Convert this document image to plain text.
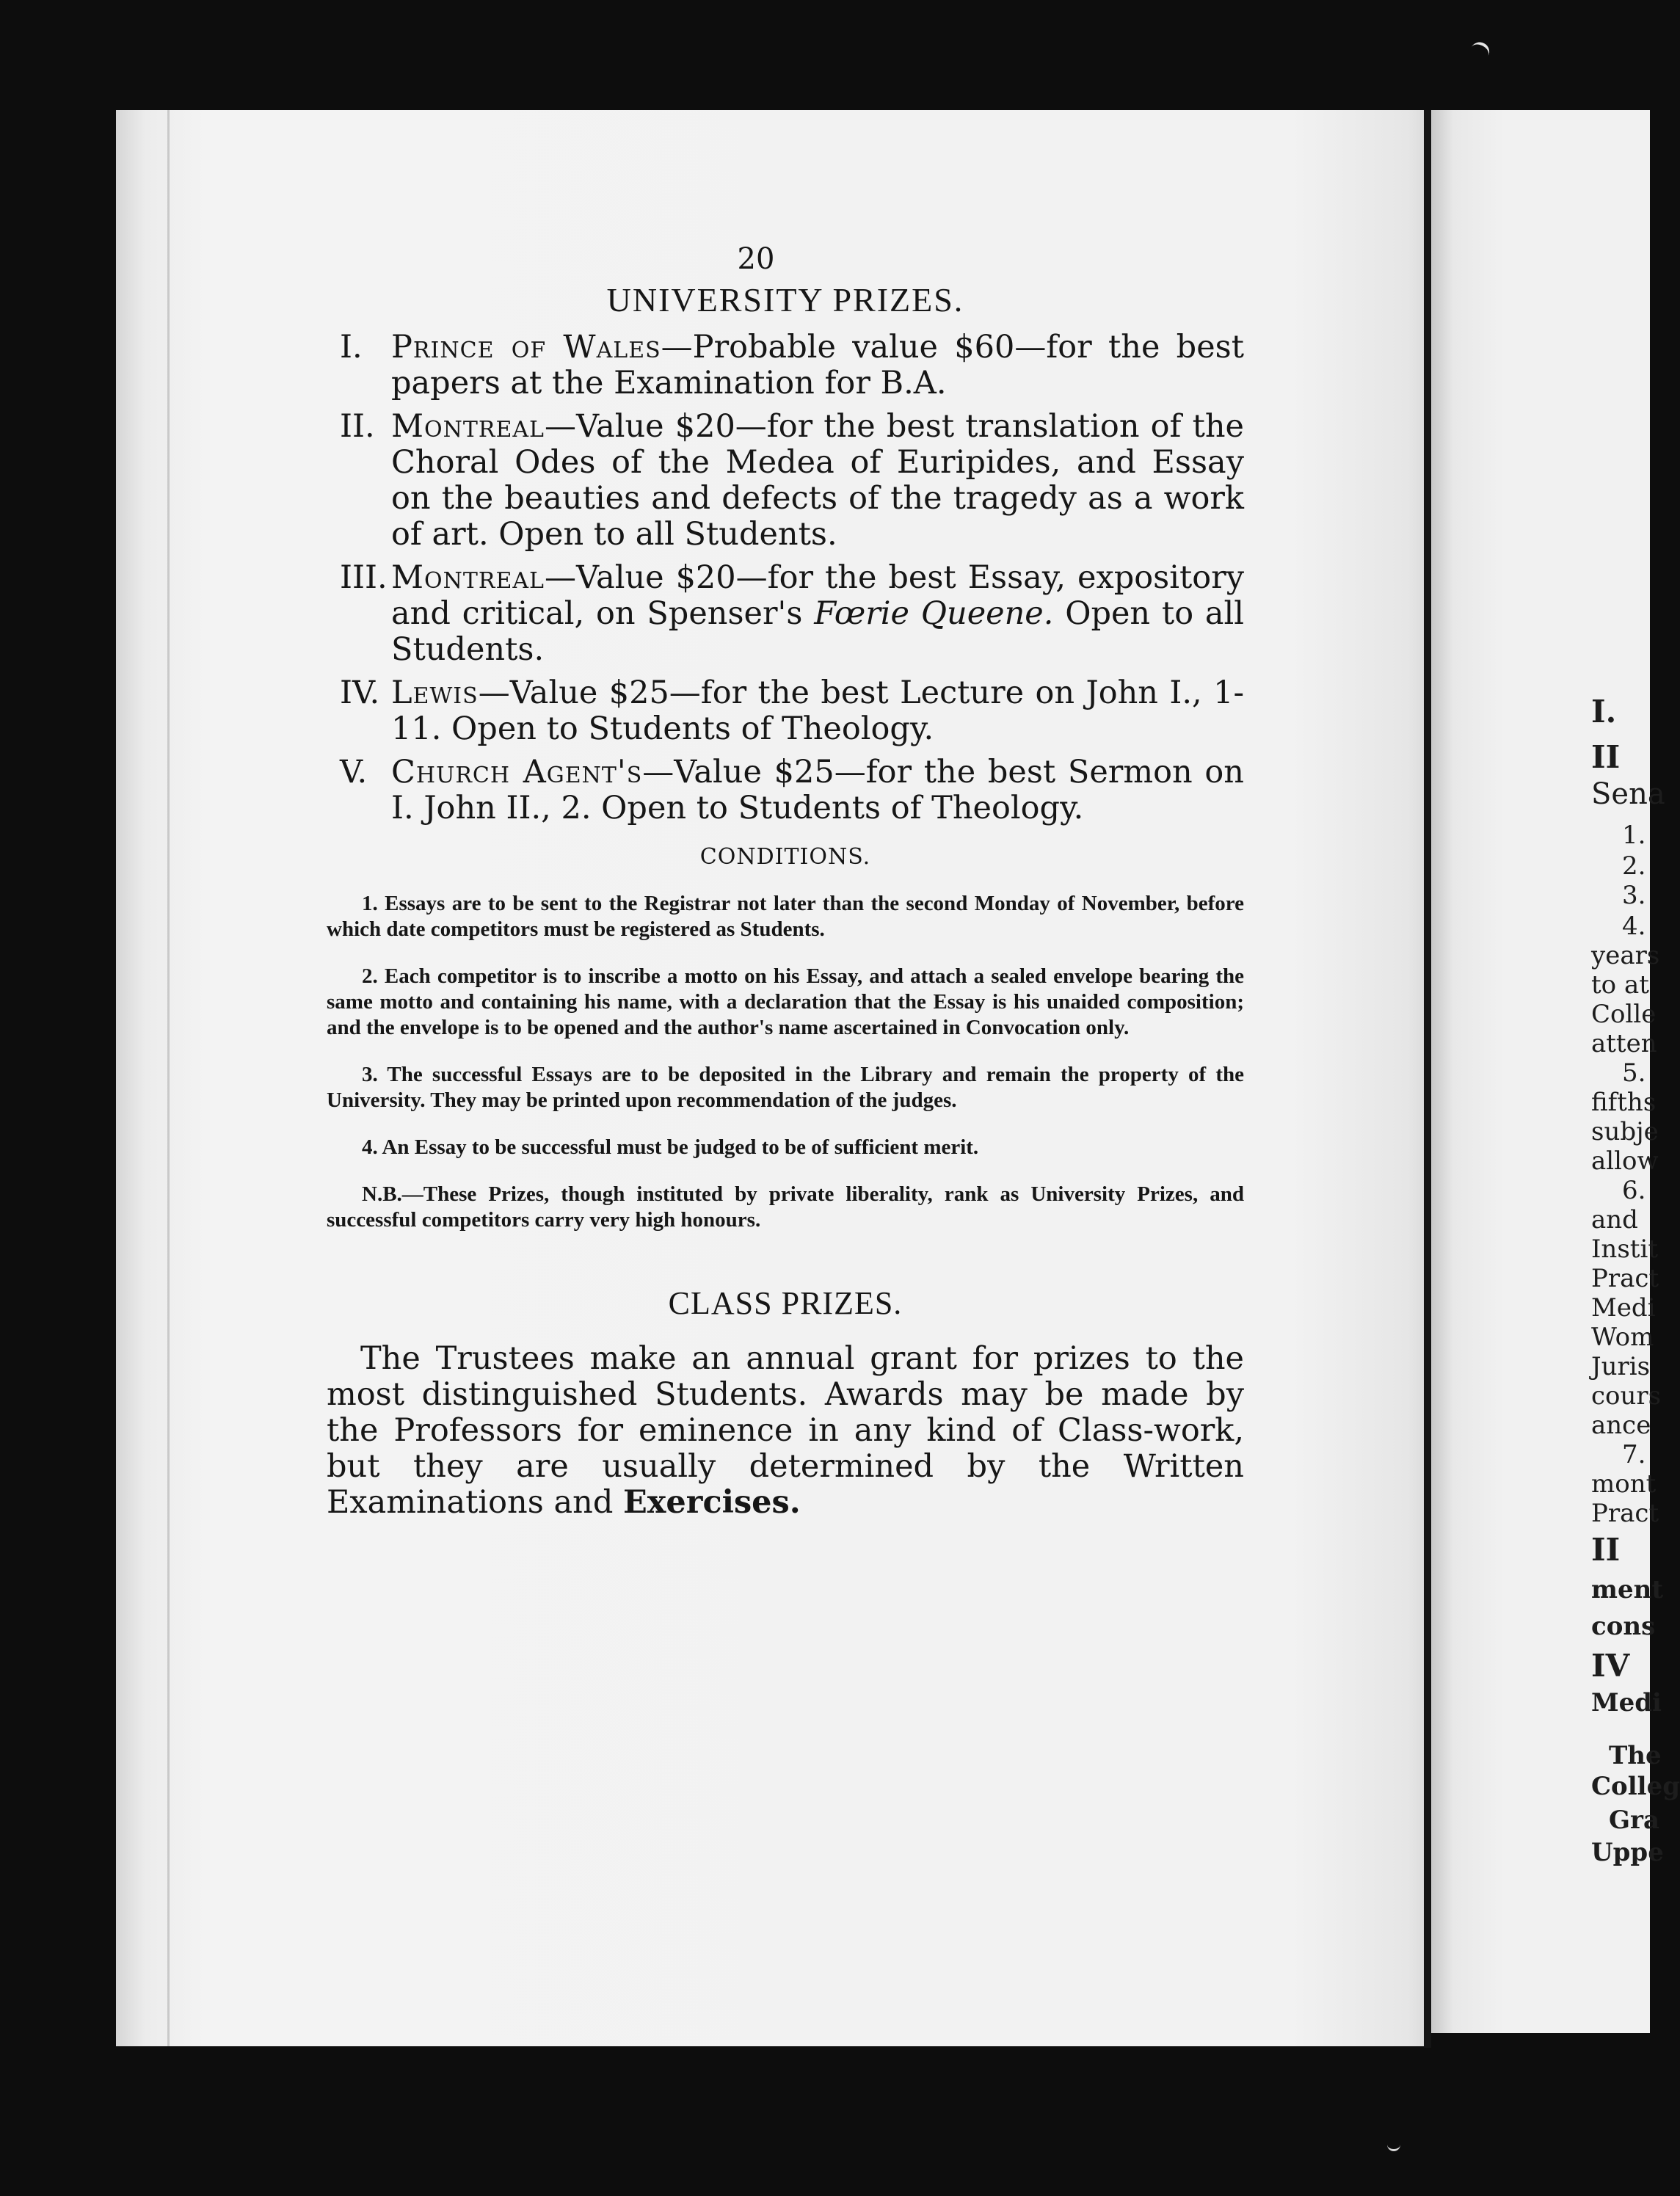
20
UNIVERSITY PRIZES.
I. Prince of Wales—Probable value $60—for the best papers at the Examination for B.A.
II. Montreal—Value $20—for the best translation of the Choral Odes of the Medea of Euripides, and Essay on the beauties and defects of the tragedy as a work of art. Open to all Students.
III. Montreal—Value $20—for the best Essay, expository and critical, on Spenser's Fœrie Queene. Open to all Students.
IV. Lewis—Value $25—for the best Lecture on John I., 1-11. Open to Students of Theology.
V. Church Agent's—Value $25—for the best Sermon on I. John II., 2. Open to Students of Theology.
CONDITIONS.

1. Essays are to be sent to the Registrar not later than the second Monday of November, before which date competitors must be registered as Students.

2. Each competitor is to inscribe a motto on his Essay, and attach a sealed envelope bearing the same motto and containing his name, with a declaration that the Essay is his unaided composition; and the envelope is to be opened and the author's name ascertained in Convocation only.

3. The successful Essays are to be deposited in the Library and remain the property of the University. They may be printed upon recommendation of the judges.

4. An Essay to be successful must be judged to be of sufficient merit.

N.B.—These Prizes, though instituted by private liberality, rank as University Prizes, and successful competitors carry very high honours.

CLASS PRIZES.
The Trustees make an annual grant for prizes to the most distinguished Students. Awards may be made by the Professors for eminence in any kind of Class-work, but they are usually determined by the Written Examinations and Exercises.
I.
II
Sena
1.
2.
3.
4.
years
to at
Colle
atten
5.
fifths
subje
allow
6.
and
Instit
Pract
Medi
Wom
Juris
cours
ance
7.
mont
Pract
II
ment
cons
IV
Medi
The
Colleg
Gra
Uppe
